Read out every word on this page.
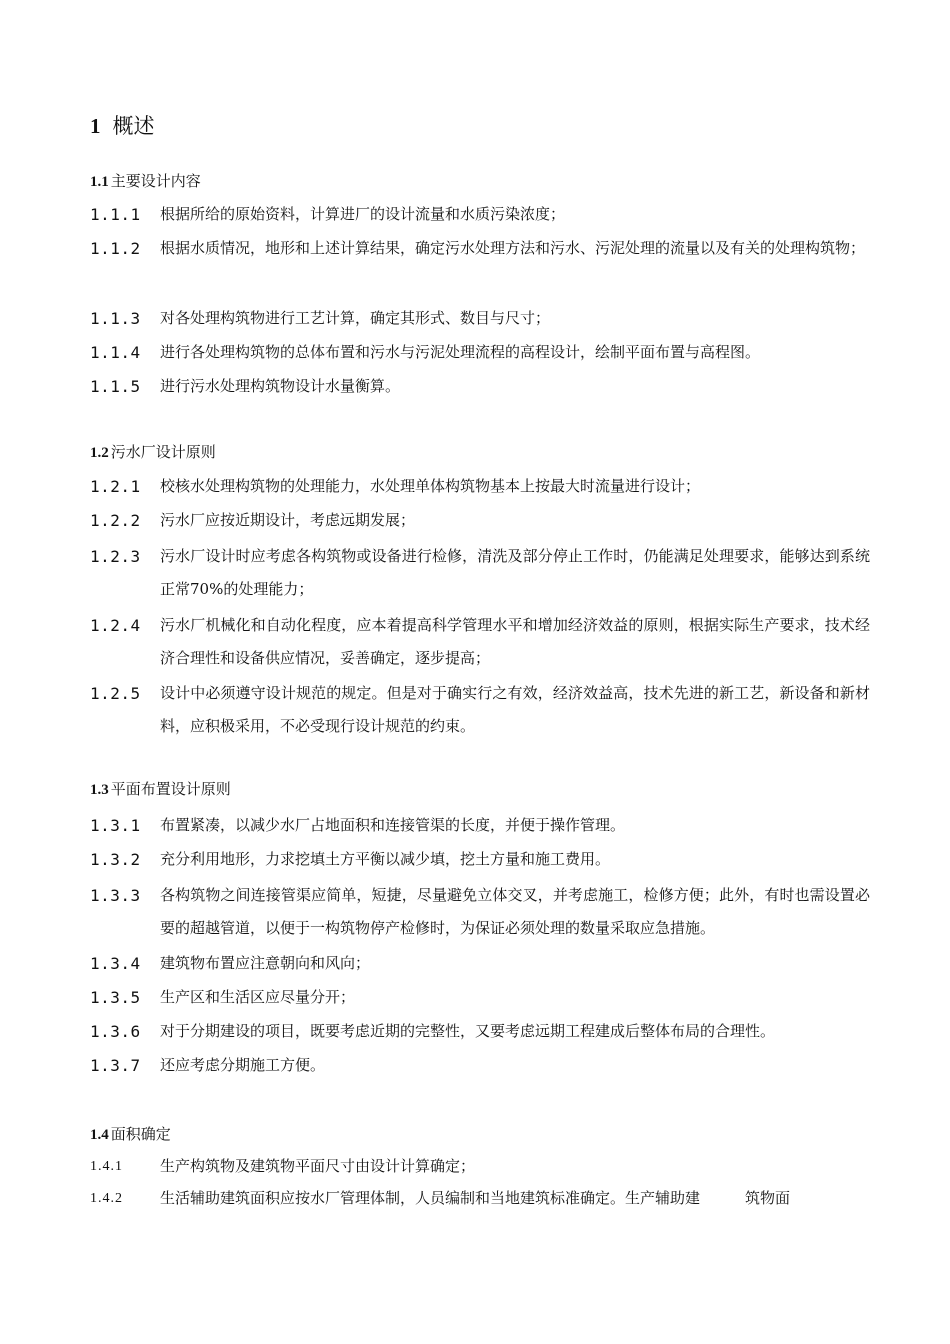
1 概述
1.1 主要设计内容
1.1.1	根据所给的原始资料，计算进厂的设计流量和水质污染浓度；
1.1.2	根据水质情况，地形和上述计算结果，确定污水处理方法和污水、污泥处理的流量以及有关的处理构筑物；
1.1.3	对各处理构筑物进行工艺计算，确定其形式、数目与尺寸；
1.1.4	进行各处理构筑物的总体布置和污水与污泥处理流程的高程设计，绘制平面布置与高程图。
1.1.5	进行污水处理构筑物设计水量衡算。
1.2 污水厂设计原则
1.2.1	校核水处理构筑物的处理能力，水处理单体构筑物基本上按最大时流量进行设计；
1.2.2	污水厂应按近期设计，考虑远期发展；
1.2.3	污水厂设计时应考虑各构筑物或设备进行检修，清洗及部分停止工作时，仍能满足处理要求，能够达到系统正常70%的处理能力；
1.2.4	污水厂机械化和自动化程度，应本着提高科学管理水平和增加经济效益的原则，根据实际生产要求，技术经济合理性和设备供应情况，妥善确定，逐步提高；
1.2.5	设计中必须遵守设计规范的规定。但是对于确实行之有效，经济效益高，技术先进的新工艺，新设备和新材料，应积极采用，不必受现行设计规范的约束。
1.3 平面布置设计原则
1.3.1	布置紧凑，以减少水厂占地面积和连接管渠的长度，并便于操作管理。
1.3.2	充分利用地形，力求挖填土方平衡以减少填，挖土方量和施工费用。
1.3.3	各构筑物之间连接管渠应简单，短捷，尽量避免立体交叉，并考虑施工，检修方便；此外，有时也需设置必要的超越管道，以便于一构筑物停产检修时，为保证必须处理的数量采取应急措施。
1.3.4	建筑物布置应注意朝向和风向；
1.3.5	生产区和生活区应尽量分开；
1.3.6	对于分期建设的项目，既要考虑近期的完整性，又要考虑远期工程建成后整体布局的合理性。
1.3.7	还应考虑分期施工方便。
1.4 面积确定
1.4.1	生产构筑物及建筑物平面尺寸由设计计算确定；
1.4.2	生活辅助建筑面积应按水厂管理体制，人员编制和当地建筑标准确定。生产辅助建　　　筑物面
